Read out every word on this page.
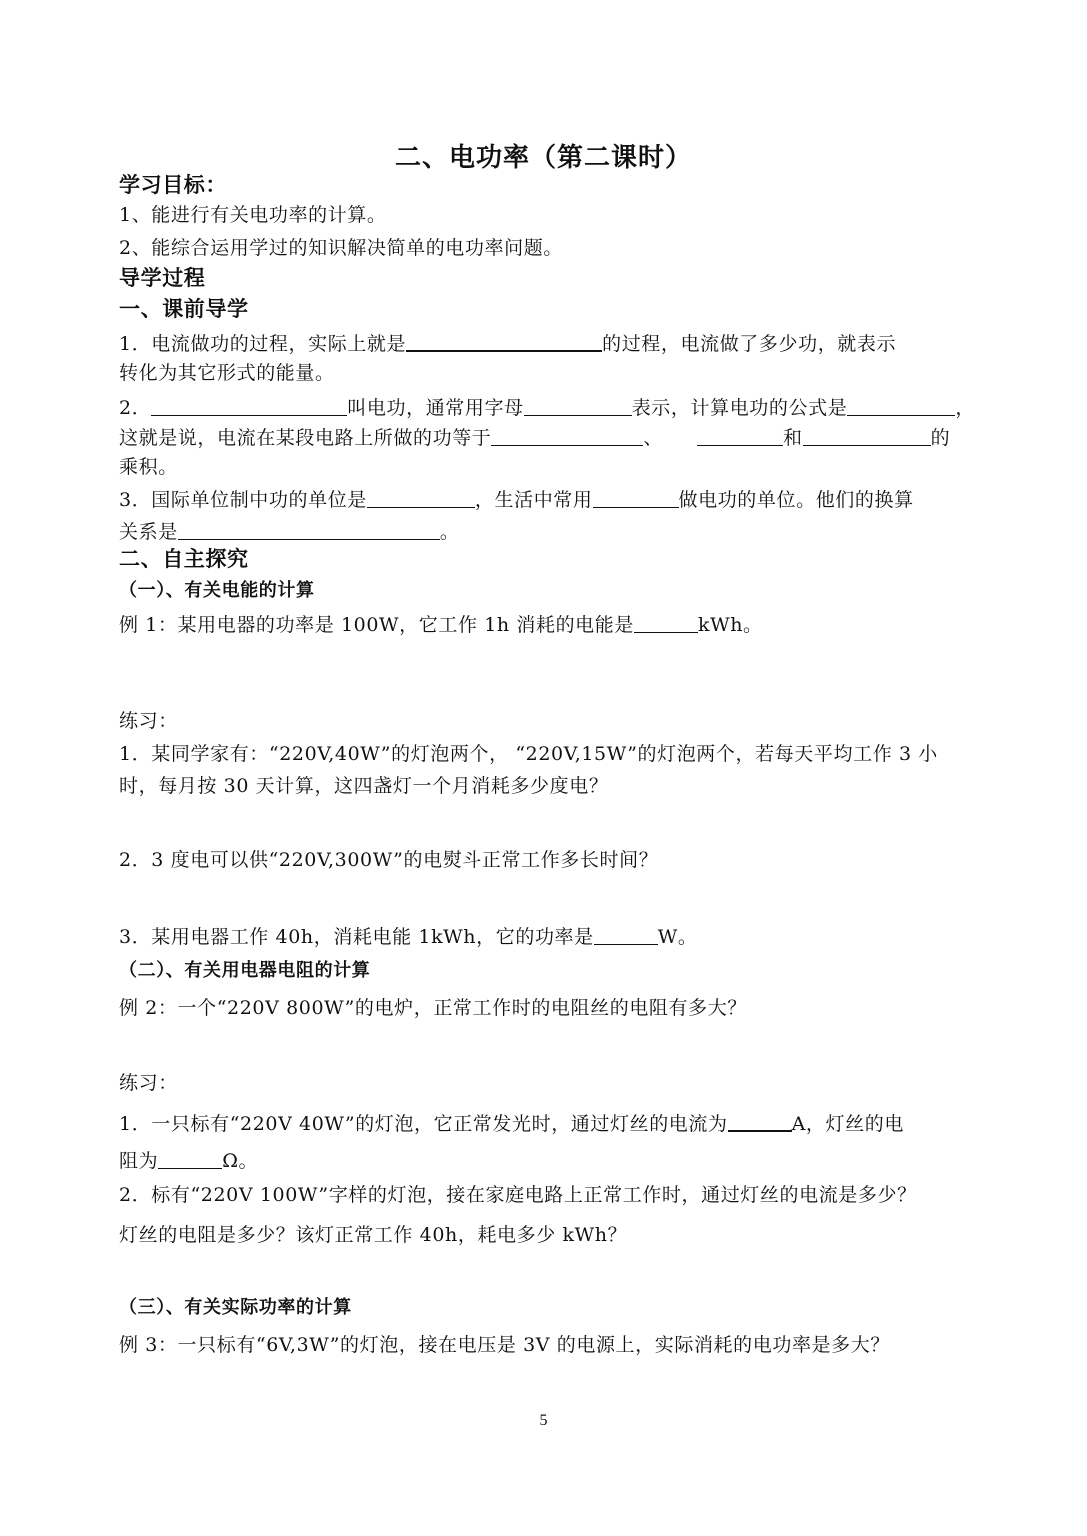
二、电功率（第二课时）
学习目标：
1、能进行有关电功率的计算。
2、能综合运用学过的知识解决简单的电功率问题。
导学过程
一、课前导学
1．电流做功的过程，实际上就是	的过程，电流做了多少功，就表示
转化为其它形式的能量。
2．	叫电功，通常用字母	表示，计算电功的公式是	，
这就是说，电流在某段电路上所做的功等于	、	和	的
乘积。
3．国际单位制中功的单位是	，生活中常用	做电功的单位。他们的换算
关系是	。
二、自主探究
（一）、有关电能的计算
例 1：某用电器的功率是 100W，它工作 1h 消耗的电能是	kWh。
练习：
1．某同学家有：“220V,40W”的灯泡两个， “220V,15W”的灯泡两个，若每天平均工作 3 小
时，每月按 30 天计算，这四盏灯一个月消耗多少度电？
2．3 度电可以供“220V,300W”的电熨斗正常工作多长时间？
3．某用电器工作 40h，消耗电能 1kWh，它的功率是	W。
（二）、有关用电器电阻的计算
例 2：一个“220V 800W”的电炉，正常工作时的电阻丝的电阻有多大？
练习：
1．一只标有“220V 40W”的灯泡，它正常发光时，通过灯丝的电流为	A，灯丝的电
阻为	Ω。
2．标有“220V 100W”字样的灯泡，接在家庭电路上正常工作时，通过灯丝的电流是多少？
灯丝的电阻是多少？该灯正常工作 40h，耗电多少 kWh？
（三）、有关实际功率的计算
例 3：一只标有“6V,3W”的灯泡，接在电压是 3V 的电源上，实际消耗的电功率是多大？
5
